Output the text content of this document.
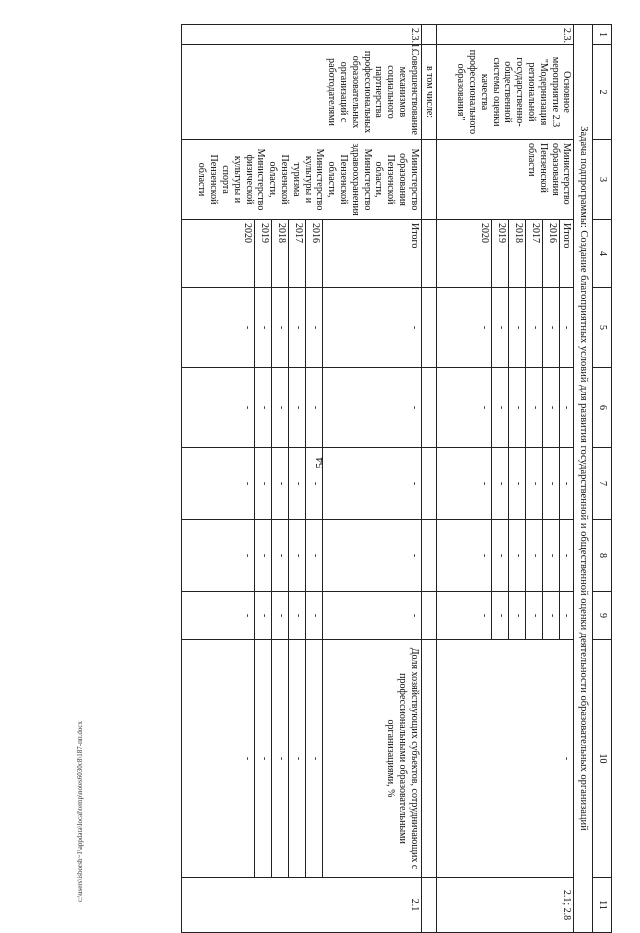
54
c:\users\isborsh~1\appdata\local\temp\notes6030c8\187-пп.docx
1	2	3	4	5	6	7	8	9	10	11
Задача подпрограммы: Создание благоприятных условий для развития государственной и общественной оценки деятельности образовательных организаций										
2.3.	Основное мероприятие 2.3 "Модернизация региональной государственно-общественной системы оценки качества профессионального образования"	Министерство образования Пензенской области	Итого	-	-	-	-	-	-	2.1; 2.8
			2016	-	-	-	-	-		
			2017	-	-	-	-	-		
			2018	-	-	-	-	-		
			2019	-	-	-	-	-		
			2020	-	-	-	-	-		
	в том числе:									
2.3.1.	Совершенствование механизмов социального партнерства профессиональных образовательных организаций с работодателями	Министерство образования Пензенской области, Министерство здравоохранения Пензенской области, Министерство культуры и туризма Пензенской области, Министерство физической культуры и спорта Пензенской области	Итого	-	-	-	-	-	Доля хозяйствующих субъектов, сотрудничающих с профессиональными образовательными организациями, %	2.1
			2016	-	-	-	-	-	-	
			2017	-	-	-	-	-	-	
			2018	-	-	-	-	-	-	
			2019	-	-	-	-	-	-	
			2020	-	-	-	-	-	-	
